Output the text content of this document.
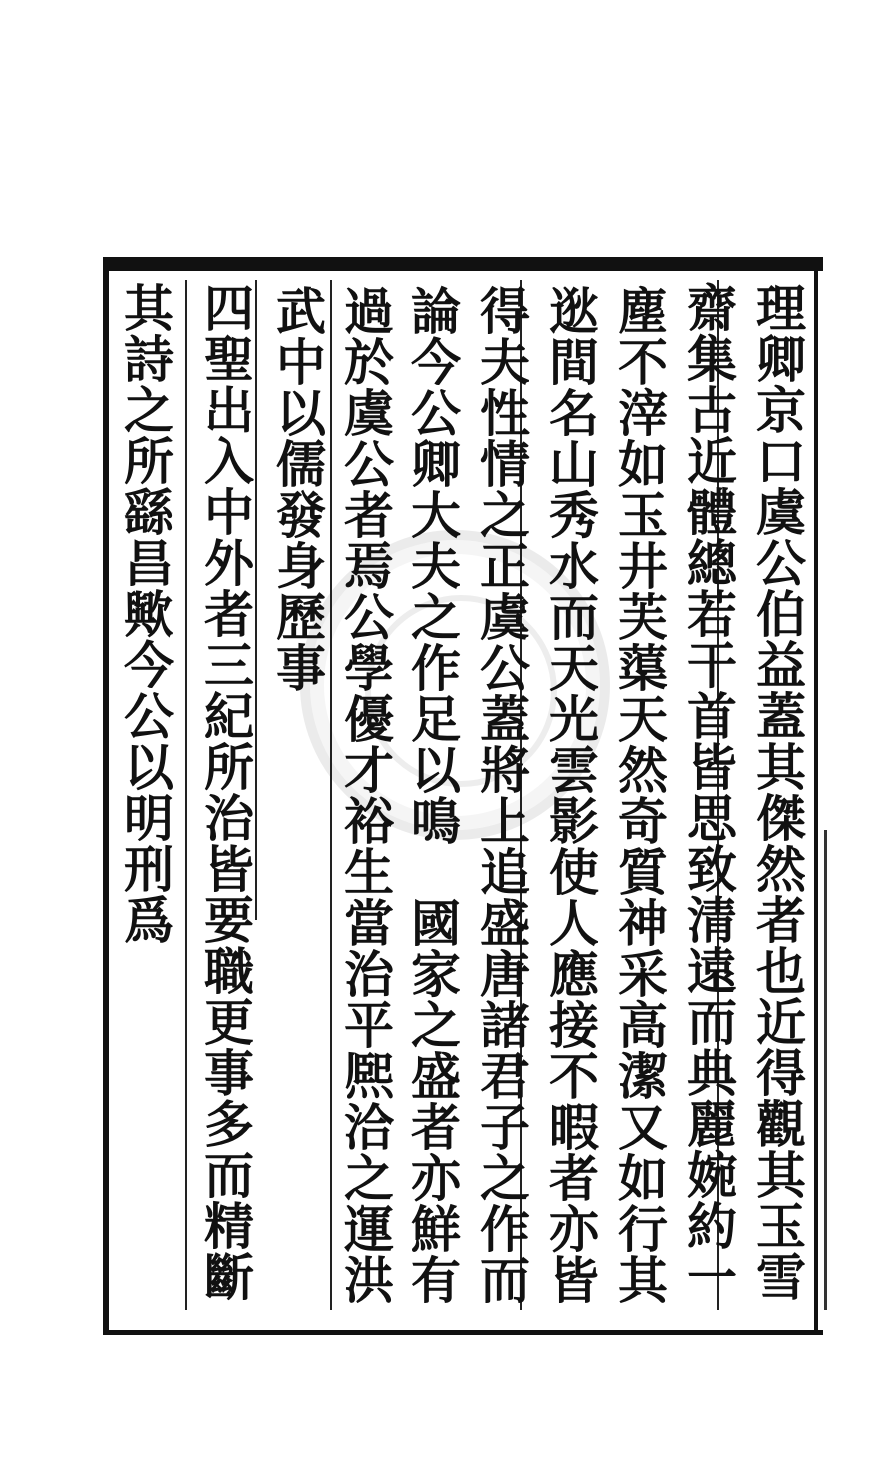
理卿京口虞公伯益蓋其傑然者也近得觀其玉雪
齋集古近體總若干首皆思致清遠而典麗婉約一
塵不滓如玉井芙蕖天然奇質神采高潔又如行其
逖間名山秀水而天光雲影使人應接不暇者亦皆
得夫性情之正虞公蓋將上追盛唐諸君子之作而
論今公卿大夫之作足以鳴　國家之盛者亦鮮有
過於虞公者焉公學優才裕生當治平熈洽之運洪
武中以儒發身歷事
四聖出入中外者三紀所治皆要職更事多而精斷
其詩之所繇昌歟今公以明刑爲
